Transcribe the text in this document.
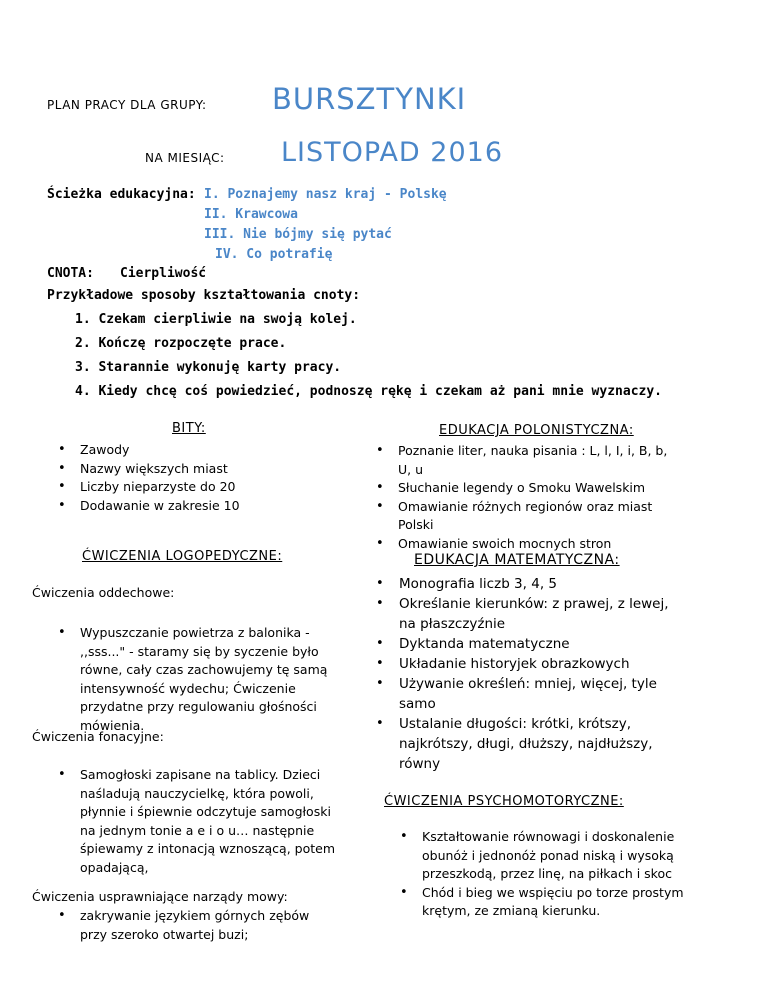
PLAN PRACY DLA GRUPY: BURSZTYNKI
NA MIESIĄC: LISTOPAD 2016
Ścieżka edukacyjna: I. Poznajemy nasz kraj - Polskę
II. Krawcowa
III. Nie bójmy się pytać
IV. Co potrafię
CNOTA: Cierpliwość
Przykładowe sposoby kształtowania cnoty:
1. Czekam cierpliwie na swoją kolej.
2. Kończę rozpoczęte prace.
3. Starannie wykonuję karty pracy.
4. Kiedy chcę coś powiedzieć, podnoszę rękę i czekam aż pani mnie wyznaczy.
BITY:
• Zawody
• Nazwy większych miast
• Liczby nieparzyste do 20
• Dodawanie w zakresie 10
EDUKACJA POLONISTYCZNA:
• Poznanie liter, nauka pisania : L, l, I, i, B, b, U, u
• Słuchanie legendy o Smoku Wawelskim
• Omawianie różnych regionów oraz miast Polski
• Omawianie swoich mocnych stron
ĆWICZENIA LOGOPEDYCZNE:
Ćwiczenia oddechowe:
• Wypuszczanie powietrza z balonika - ,,sss..." - staramy się by syczenie było równe, cały czas zachowujemy tę samą intensywność wydechu; Ćwiczenie przydatne przy regulowaniu głośności mówienia.
Ćwiczenia fonacyjne:
• Samogłoski zapisane na tablicy. Dzieci naśladują nauczycielkę, która powoli, płynnie i śpiewnie odczytuje samogłoski na jednym tonie a e i o u… następnie śpiewamy z intonacją wznoszącą, potem opadającą,
Ćwiczenia usprawniające narządy mowy:
• zakrywanie językiem górnych zębów przy szeroko otwartej buzi;
EDUKACJA MATEMATYCZNA:
• Monografia liczb 3, 4, 5
• Określanie kierunków: z prawej, z lewej, na płaszczyźnie
• Dyktanda matematyczne
• Układanie historyjek obrazkowych
• Używanie określeń: mniej, więcej, tyle samo
• Ustalanie długości: krótki, krótszy, najkrótszy, długi, dłuższy, najdłuższy, równy
ĆWICZENIA PSYCHOMOTORYCZNE:
• Kształtowanie równowagi i doskonalenie obunóż i jednonóż ponad niską i wysoką przeszkodą, przez linę, na piłkach i skoc
• Chód i bieg we wspięciu po torze prostym krętym, ze zmianą kierunku.
